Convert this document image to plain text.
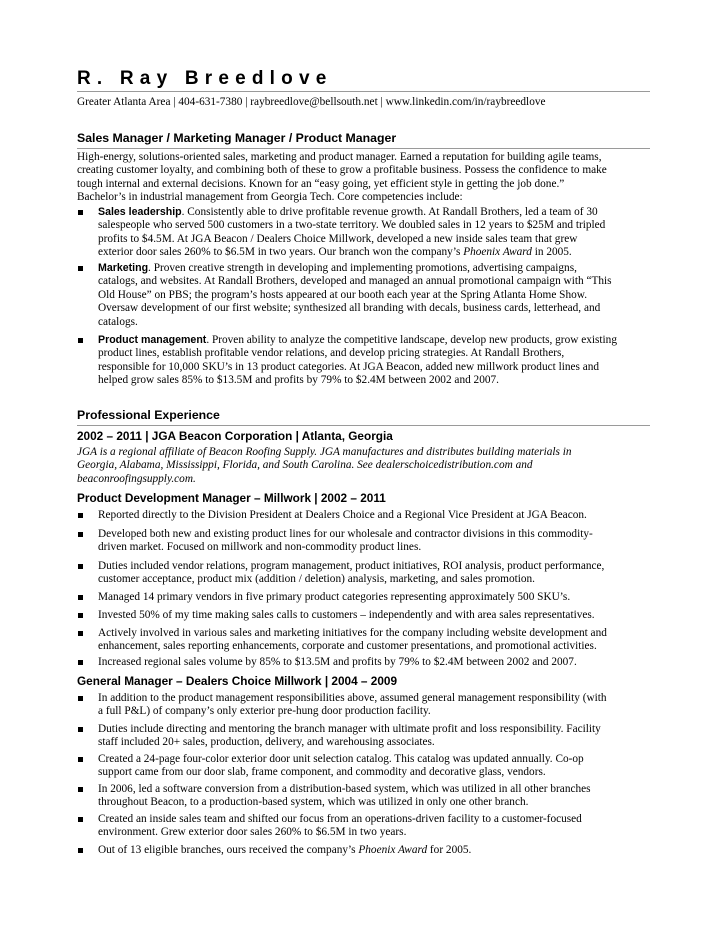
R. Ray Breedlove
Greater Atlanta Area | 404-631-7380 | raybreedlove@bellsouth.net | www.linkedin.com/in/raybreedlove
Sales Manager / Marketing Manager / Product Manager
High-energy, solutions-oriented sales, marketing and product manager. Earned a reputation for building agile teams,
creating customer loyalty, and combining both of these to grow a profitable business. Possess the confidence to make
tough internal and external decisions. Known for an “easy going, yet efficient style in getting the job done.”
Bachelor’s in industrial management from Georgia Tech. Core competencies include:
Sales leadership. Consistently able to drive profitable revenue growth. At Randall Brothers, led a team of 30
salespeople who served 500 customers in a two-state territory. We doubled sales in 12 years to $25M and tripled
profits to $4.5M. At JGA Beacon / Dealers Choice Millwork, developed a new inside sales team that grew
exterior door sales 260% to $6.5M in two years. Our branch won the company’s Phoenix Award in 2005.
Marketing. Proven creative strength in developing and implementing promotions, advertising campaigns,
catalogs, and websites. At Randall Brothers, developed and managed an annual promotional campaign with “This
Old House” on PBS; the program’s hosts appeared at our booth each year at the Spring Atlanta Home Show.
Oversaw development of our first website; synthesized all branding with decals, business cards, letterhead, and
catalogs.
Product management. Proven ability to analyze the competitive landscape, develop new products, grow existing
product lines, establish profitable vendor relations, and develop pricing strategies. At Randall Brothers,
responsible for 10,000 SKU’s in 13 product categories. At JGA Beacon, added new millwork product lines and
helped grow sales 85% to $13.5M and profits by 79% to $2.4M between 2002 and 2007.
Professional Experience
2002 – 2011 | JGA Beacon Corporation | Atlanta, Georgia
JGA is a regional affiliate of Beacon Roofing Supply. JGA manufactures and distributes building materials in
Georgia, Alabama, Mississippi, Florida, and South Carolina. See dealerschoicedistribution.com and
beaconroofingsupply.com.
Product Development Manager – Millwork | 2002 – 2011
Reported directly to the Division President at Dealers Choice and a Regional Vice President at JGA Beacon.
Developed both new and existing product lines for our wholesale and contractor divisions in this commodity-
driven market. Focused on millwork and non-commodity product lines.
Duties included vendor relations, program management, product initiatives, ROI analysis, product performance,
customer acceptance, product mix (addition / deletion) analysis, marketing, and sales promotion.
Managed 14 primary vendors in five primary product categories representing approximately 500 SKU’s.
Invested 50% of my time making sales calls to customers – independently and with area sales representatives.
Actively involved in various sales and marketing initiatives for the company including website development and
enhancement, sales reporting enhancements, corporate and customer presentations, and promotional activities.
Increased regional sales volume by 85% to $13.5M and profits by 79% to $2.4M between 2002 and 2007.
General Manager – Dealers Choice Millwork | 2004 – 2009
In addition to the product management responsibilities above, assumed general management responsibility (with
a full P&L) of company’s only exterior pre-hung door production facility.
Duties include directing and mentoring the branch manager with ultimate profit and loss responsibility. Facility
staff included 20+ sales, production, delivery, and warehousing associates.
Created a 24-page four-color exterior door unit selection catalog. This catalog was updated annually. Co-op
support came from our door slab, frame component, and commodity and decorative glass, vendors.
In 2006, led a software conversion from a distribution-based system, which was utilized in all other branches
throughout Beacon, to a production-based system, which was utilized in only one other branch.
Created an inside sales team and shifted our focus from an operations-driven facility to a customer-focused
environment. Grew exterior door sales 260% to $6.5M in two years.
Out of 13 eligible branches, ours received the company’s Phoenix Award for 2005.
